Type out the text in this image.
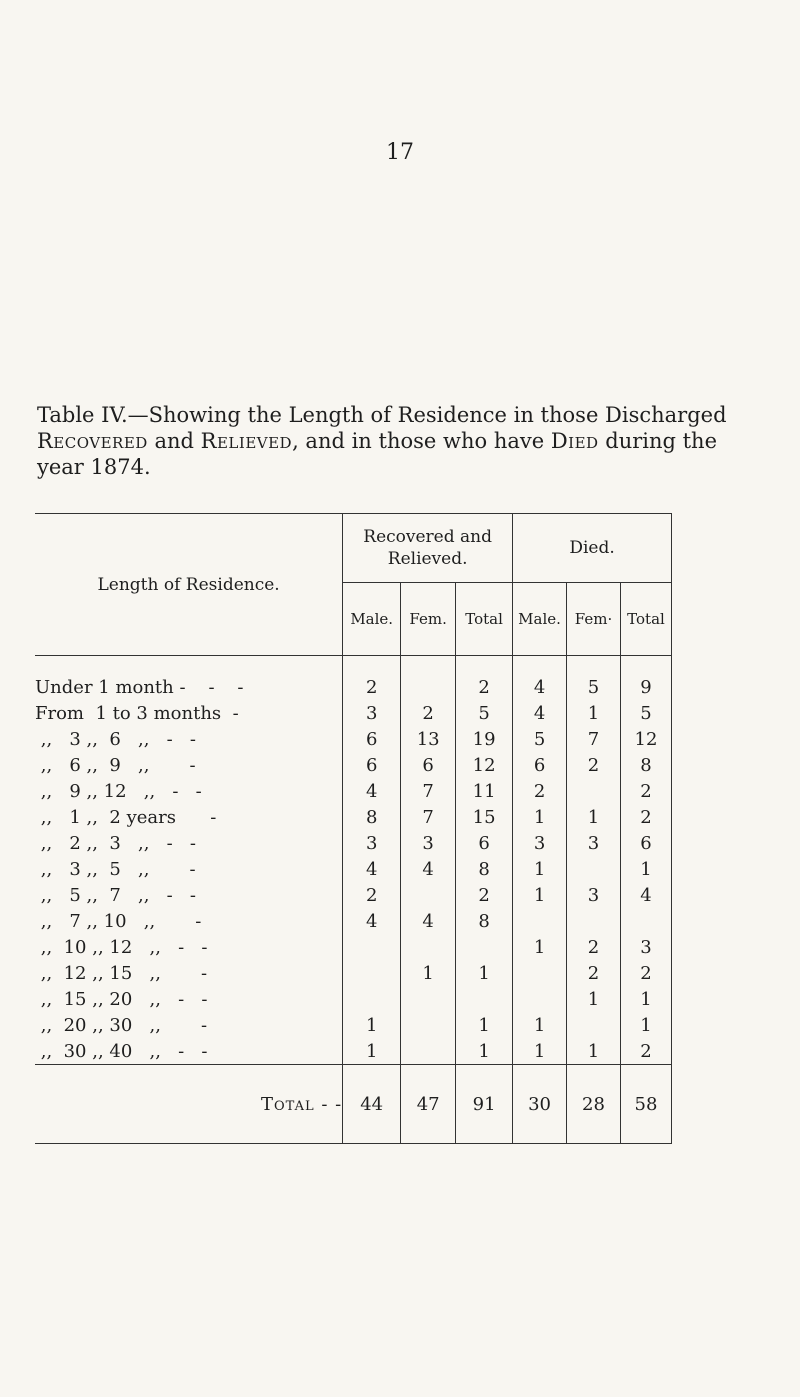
17
Table IV.—Showing the Length of Residence in those Discharged Recovered and Relieved, and in those who have Died during the year 1874.
Length of Residence.	Recovered and Relieved.			Died.		
	Male.	Fem.	Total	Male.	Fem·	Total

Under 1 month -    -    -	2		2	4	5	9
From  1 to 3 months  -	3	2	5	4	1	5
,,   3 ,,  6   ,,   -   -	6	13	19	5	7	12
,,   6 ,,  9   ,,       -	6	6	12	6	2	8
,,   9 ,, 12   ,,   -   -	4	7	11	2		2
,,   1 ,,  2 years      -	8	7	15	1	1	2
,,   2 ,,  3   ,,   -   -	3	3	6	3	3	6
,,   3 ,,  5   ,,       -	4	4	8	1		1
,,   5 ,,  7   ,,   -   -	2		2	1	3	4
,,   7 ,, 10   ,,       -	4	4	8			
,,  10 ,, 12   ,,   -   -				1	2	3
,,  12 ,, 15   ,,       -		1	1		2	2
,,  15 ,, 20   ,,   -   -					1	1
,,  20 ,, 30   ,,       -	1		1	1		1
,,  30 ,, 40   ,,   -   -	1		1	1	1	2
Total - -	44	47	91	30	28	58
